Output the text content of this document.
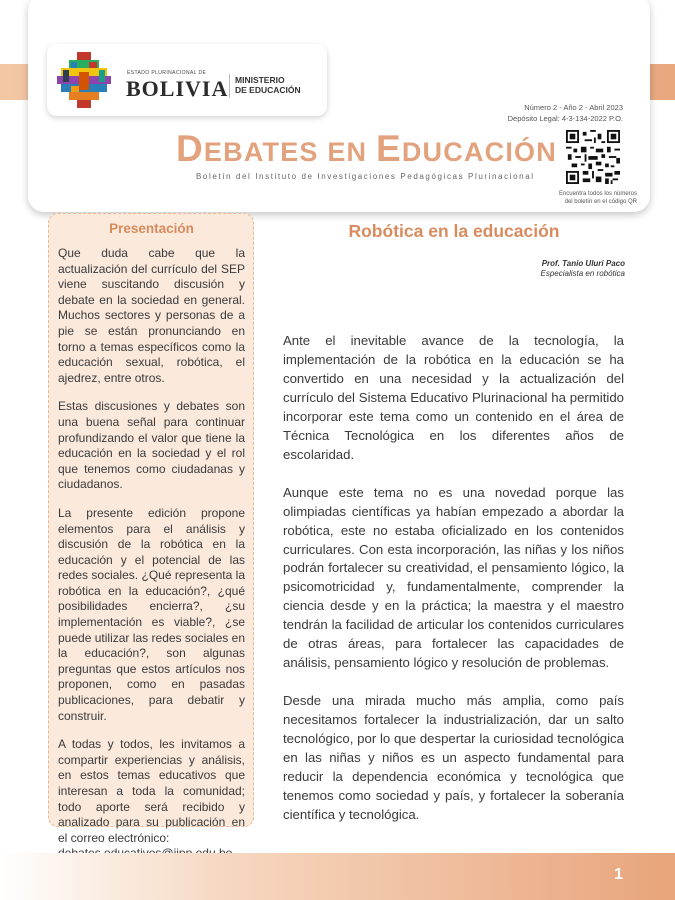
ESTADO PLURINACIONAL DE
BOLIVIA MINISTERIO
DE EDUCACIÓN
Número 2 - Año 2 - Abril 2023
Depósito Legal: 4-3-134-2022 P.O.
DEBATES EN EDUCACIÓN
Boletín del Instituto de Investigaciones Pedagógicas Plurinacional
Encuentra todos los números
del boletín en el código QR
Presentación

Que duda cabe que la actualización del currículo del SEP viene suscitando discusión y debate en la sociedad en general. Muchos sectores y personas de a pie se están pronunciando en torno a temas específicos como la educación sexual, robótica, el ajedrez, entre otros.

Estas discusiones y debates son una buena señal para continuar profundizando el valor que tiene la educación en la sociedad y el rol que tenemos como ciudadanas y ciudadanos.

La presente edición propone elementos para el análisis y discusión de la robótica en la educación y el potencial de las redes sociales. ¿Qué representa la robótica en la educación?, ¿qué posibilidades encierra?, ¿su implementación es viable?, ¿se puede utilizar las redes sociales en la educación?, son algunas preguntas que estos artículos nos proponen, como en pasadas publicaciones, para debatir y construir.

A todas y todos, les invitamos a compartir experiencias y análisis, en estos temas educativos que interesan a toda la comunidad; todo aporte será recibido y analizado para su publicación en el correo electrónico:

Robótica en la educación
Prof. Tanio Uluri Paco
Especialista en robótica

Ante el inevitable avance de la tecnología, la implementación de la robótica en la educación se ha convertido en una necesidad y la actualización del currículo del Sistema Educativo Plurinacional ha permitido incorporar este tema como un contenido en el área de Técnica Tecnológica en los diferentes años de escolaridad.

Aunque este tema no es una novedad porque las olimpiadas científicas ya habían empezado a abordar la robótica, este no estaba oficializado en los contenidos curriculares. Con esta incorporación, las niñas y los niños podrán fortalecer su creatividad, el pensamiento lógico, la psicomotricidad y, fundamentalmente, comprender la ciencia desde y en la práctica; la maestra y el maestro tendrán la facilidad de articular los contenidos curriculares de otras áreas, para fortalecer las capacidades de análisis, pensamiento lógico y resolución de problemas.

Desde una mirada mucho más amplia, como país necesitamos fortalecer la industrialización, dar un salto tecnológico, por lo que despertar la curiosidad tecnológica en las niñas y niños es un aspecto fundamental para reducir la dependencia económica y tecnológica que tenemos como sociedad y país, y fortalecer la soberanía científica y tecnológica.

1
